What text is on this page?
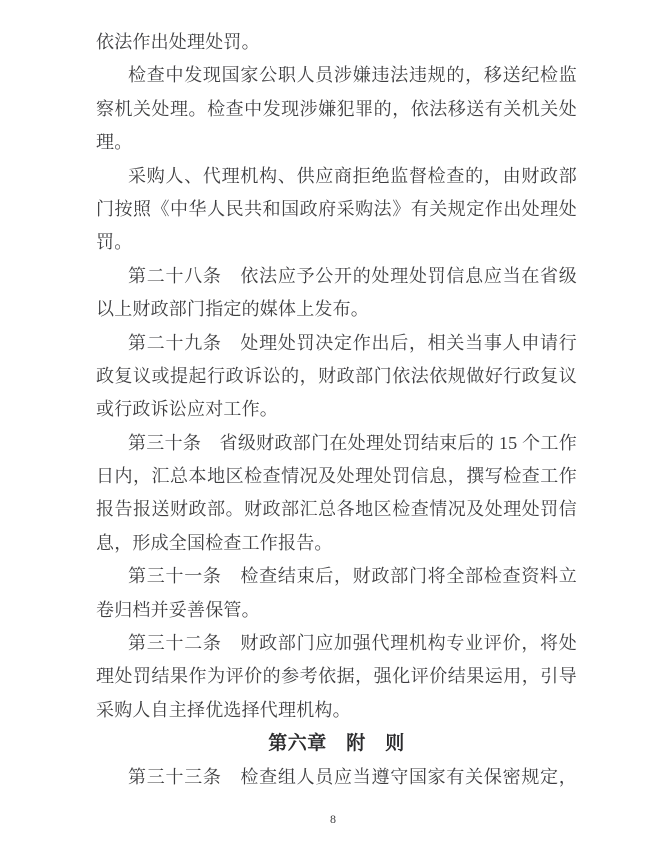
依法作出处理处罚。
检查中发现国家公职人员涉嫌违法违规的，移送纪检监
察机关处理。检查中发现涉嫌犯罪的，依法移送有关机关处
理。
采购人、代理机构、供应商拒绝监督检查的，由财政部
门按照《中华人民共和国政府采购法》有关规定作出处理处
罚。
第二十八条　依法应予公开的处理处罚信息应当在省级
以上财政部门指定的媒体上发布。
第二十九条　处理处罚决定作出后，相关当事人申请行
政复议或提起行政诉讼的，财政部门依法依规做好行政复议
或行政诉讼应对工作。
第三十条　省级财政部门在处理处罚结束后的 15 个工作
日内，汇总本地区检查情况及处理处罚信息，撰写检查工作
报告报送财政部。财政部汇总各地区检查情况及处理处罚信
息，形成全国检查工作报告。
第三十一条　检查结束后，财政部门将全部检查资料立
卷归档并妥善保管。
第三十二条　财政部门应加强代理机构专业评价，将处
理处罚结果作为评价的参考依据，强化评价结果运用，引导
采购人自主择优选择代理机构。
第六章　附　则
第三十三条　检查组人员应当遵守国家有关保密规定，
8
